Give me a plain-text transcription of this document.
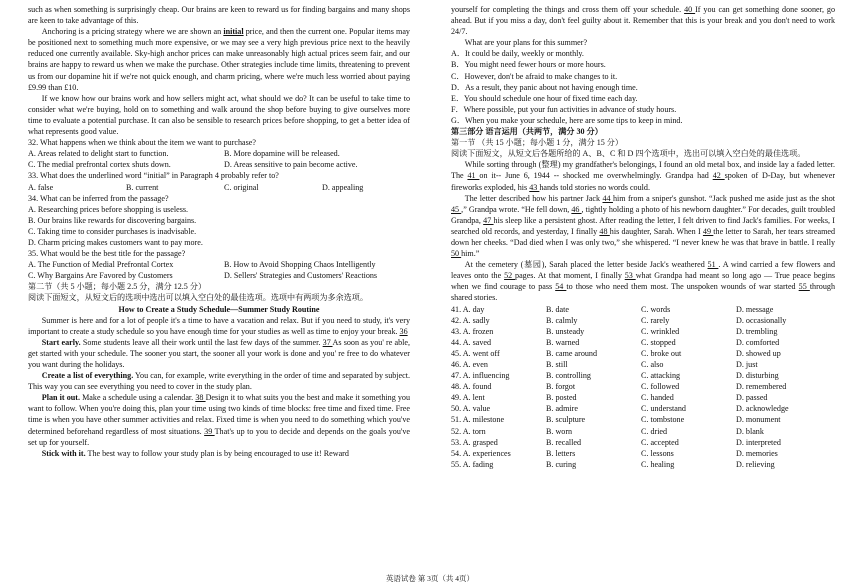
such as when something is surprisingly cheap. Our brains are keen to reward us for finding bargains and many shops are keen to take advantage of this.

Anchoring is a pricing strategy where we are shown an initial price, and then the current one. Popular items may be positioned next to something much more expensive, or we may see a very high previous price next to the heavily reduced one currently available. Sky-high anchor prices can make unreasonably high actual prices seem fair, and our brains are happy to reward us when we make the purchase. Other strategies include time limits, threatening to prevent us from our dopamine hit if we're not quick enough, and charm pricing, where we're much less worried about paying £9.99 than £10.

If we know how our brains work and how sellers might act, what should we do? It can be useful to take time to consider what we're buying, hold on to something and walk around the shop before buying to give ourselves more time to evaluate a potential purchase. It can also be sensible to research prices before shopping, to get a better idea of what represents good value.

32. What happens when we think about the item we want to purchase?

A. Areas related to delight start to function.	B. More dopamine will be released.
C. The medial prefrontal cortex shuts down.	D. Areas sensitive to pain become active.

33. What does the underlined word “initial” in Paragraph 4 probably refer to?

A. false	B. current	C. original	D. appealing

34. What can be inferred from the passage?

A. Researching prices before shopping is useless.

B. Our brains like rewards for discovering bargains.

C. Taking time to consider purchases is inadvisable.

D. Charm pricing makes customers want to pay more.

35. What would be the best title for the passage?

A. The Function of Medial Prefrontal Cortex	B. How to Avoid Shopping Chaos Intelligently
C. Why Bargains Are Favored by Customers	D. Sellers' Strategies and Customers' Reactions

第二节（共 5 小题；每小题 2.5 分，满分 12.5 分）

阅读下面短文，从短文后的选项中选出可以填入空白处的最佳选项。选项中有两项为多余选项。

How to Create a Study Schedule—Summer Study Routine

Summer is here and for a lot of people it's a time to have a vacation and relax. But if you need to study, it's very important to create a study schedule so you have enough time for your studies as well as time to enjoy your break. 36

Start early. Some students leave all their work until the last few days of the summer. 37 As soon as you' re able, get started with your schedule. The sooner you start, the sooner all your work is done and you' re free to do whatever you want during the holidays.

Create a list of everything. You can, for example, write everything in the order of time and separated by subject. This way you can see everything you need to cover in the study plan.

Plan it out. Make a schedule using a calendar. 38 Design it to what suits you the best and make it something you want to follow. When you're doing this, plan your time using two kinds of time blocks: free time and fixed time. Free time is when you have other summer activities and relax. Fixed time is when you need to do something which you've determined beforehand regardless of most situations. 39 That's up to you to decide and depends on the goals you've set up for yourself.

Stick with it. The best way to follow your study plan is by being encouraged to use it! Reward

yourself for completing the things and cross them off your schedule. 40 If you can get something done sooner, go ahead. But if you miss a day, don't feel guilty about it. Remember that this is your break and you don't need to work 24/7.

What are your plans for this summer?

A．It could be daily, weekly or monthly.

B．You might need fewer hours or more hours.

C．However, don't be afraid to make changes to it.

D．As a result, they panic about not having enough time.

E．You should schedule one hour of fixed time each day.

F．Where possible, put your fun activities in advance of study hours.

G．When you make your schedule, here are some tips to keep in mind.

第三部分 语言运用（共两节，满分 30 分）

第一节 （共 15 小题；每小题 1 分，满分 15 分）

阅读下面短文，从短文后各题所给的 A、B、C 和 D 四个选项中，选出可以填入空白处的最佳选项。

While sorting through (整理) my grandfather's belongings, I found an old metal box, and inside lay a faded letter. The 41 on it-- June 6, 1944 -- shocked me overwhelmingly. Grandpa had 42 spoken of D-Day, but whenever fireworks exploded, his 43 hands told stories no words could.

The letter described how his partner Jack 44 him from a sniper's gunshot. “Jack pushed me aside just as the shot 45 ,” Grandpa wrote. “He fell down, 46 , tightly holding a photo of his newborn daughter.” For decades, guilt troubled Grandpa, 47 his sleep like a persistent ghost. After reading the letter, I felt driven to find Jack's families. For weeks, I searched old records, and yesterday, I finally 48 his daughter, Sarah. When I 49 the letter to Sarah, her tears streamed down her cheeks. “Dad died when I was only two,” she whispered. “I never knew he was that brave in battle. I really 50 him.”

At the cemetery (墓园), Sarah placed the letter beside Jack's weathered 51 . A wind carried a few flowers and leaves onto the 52 pages. At that moment, I finally 53 what Grandpa had meant so long ago — True peace begins when we find courage to pass 54 to those who need them most. The unspoken wounds of war started 55 through shared stories.

41. A. day	B. date	C. words	D. message
42. A. sadly	B. calmly	C. rarely	D. occasionally
43. A. frozen	B. unsteady	C. wrinkled	D. trembling
44. A. saved	B. warned	C. stopped	D. comforted
45. A. went off	B. came around	C. broke out	D. showed up
46. A. even	B. still	C. also	D. just
47. A. influencing	B. controlling	C. attacking	D. disturbing
48. A. found	B. forgot	C. followed	D. remembered
49. A. lent	B. posted	C. handed	D. passed
50. A. value	B. admire	C. understand	D. acknowledge
51. A. milestone	B. sculpture	C. tombstone	D. monument
52. A. torn	B. worn	C. dried	D. blank
53. A. grasped	B. recalled	C. accepted	D. interpreted
54. A. experiences	B. letters	C. lessons	D. memories
55. A. fading	B. curing	C. healing	D. relieving
英语试卷 第 3页（共 4页）
